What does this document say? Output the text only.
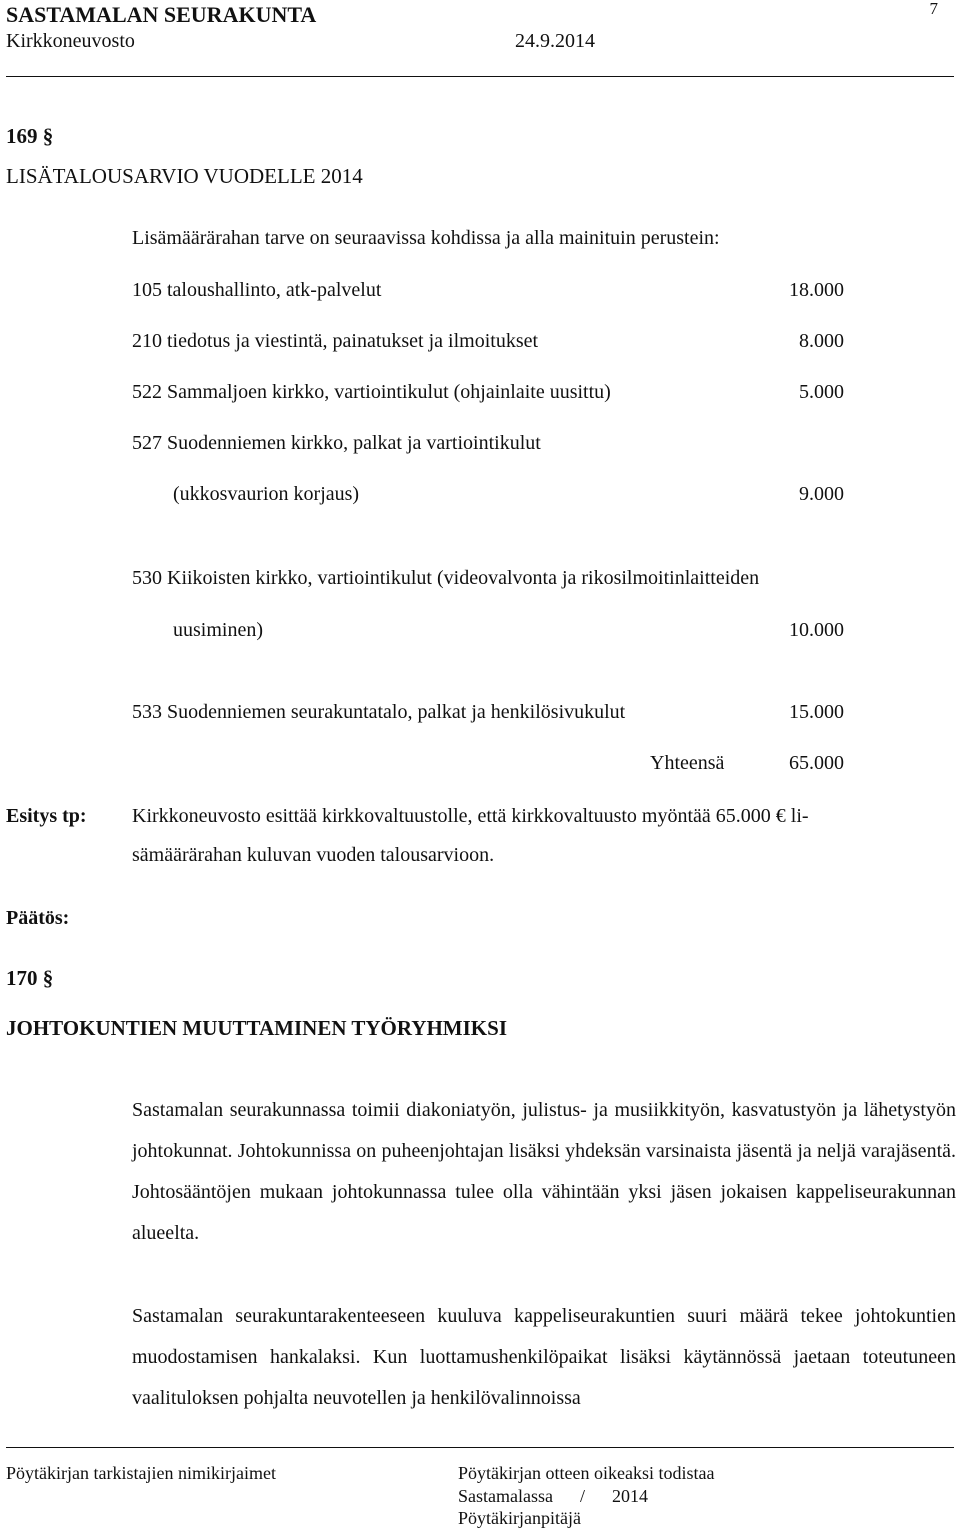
SASTAMALAN SEURAKUNTA	7
Kirkkoneuvosto	24.9.2014
169 §
LISÄTALOUSARVIO VUODELLE 2014
Lisämäärärahan tarve on seuraavissa kohdissa ja alla mainituin perustein:
105 taloushallinto, atk-palvelut	18.000
210 tiedotus ja viestintä, painatukset ja ilmoitukset	8.000
522 Sammaljoen kirkko, vartiointikulut (ohjainlaite uusittu)	5.000
527 Suodenniemen kirkko, palkat ja vartiointikulut
(ukkosvaurion korjaus)	9.000
530 Kiikoisten kirkko, vartiointikulut (videovalvonta ja rikosilmoitinlaitteiden
uusiminen)	10.000
533 Suodenniemen seurakuntatalo, palkat ja henkilösivukulut	15.000
Yhteensä	65.000
Esitys tp: Kirkkoneuvosto esittää kirkkovaltuustolle, että kirkkovaltuusto myöntää 65.000 € li-
sämäärärahan kuluvan vuoden talousarvioon.
Päätös:
170 §
JOHTOKUNTIEN MUUTTAMINEN TYÖRYHMIKSI
Sastamalan seurakunnassa toimii diakoniatyön, julistus- ja musiikkityön, kasvatustyön ja lähetystyön johtokunnat. Johtokunnissa on puheenjohtajan lisäksi yhdeksän varsinaista jäsentä ja neljä varajäsentä. Johtosääntöjen mukaan johtokunnassa tulee olla vähintään yksi jäsen jokaisen kappeliseurakunnan alueelta.
Sastamalan seurakuntarakenteeseen kuuluva kappeliseurakuntien suuri määrä tekee johtokuntien muodostamisen hankalaksi. Kun luottamushenkilöpaikat lisäksi käytännössä jaetaan toteutuneen vaalituloksen pohjalta neuvotellen ja henkilövalinnoissa
Pöytäkirjan tarkistajien nimikirjaimet	Pöytäkirjan otteen oikeaksi todistaa
Sastamalassa      /      2014
Pöytäkirjanpitäjä
